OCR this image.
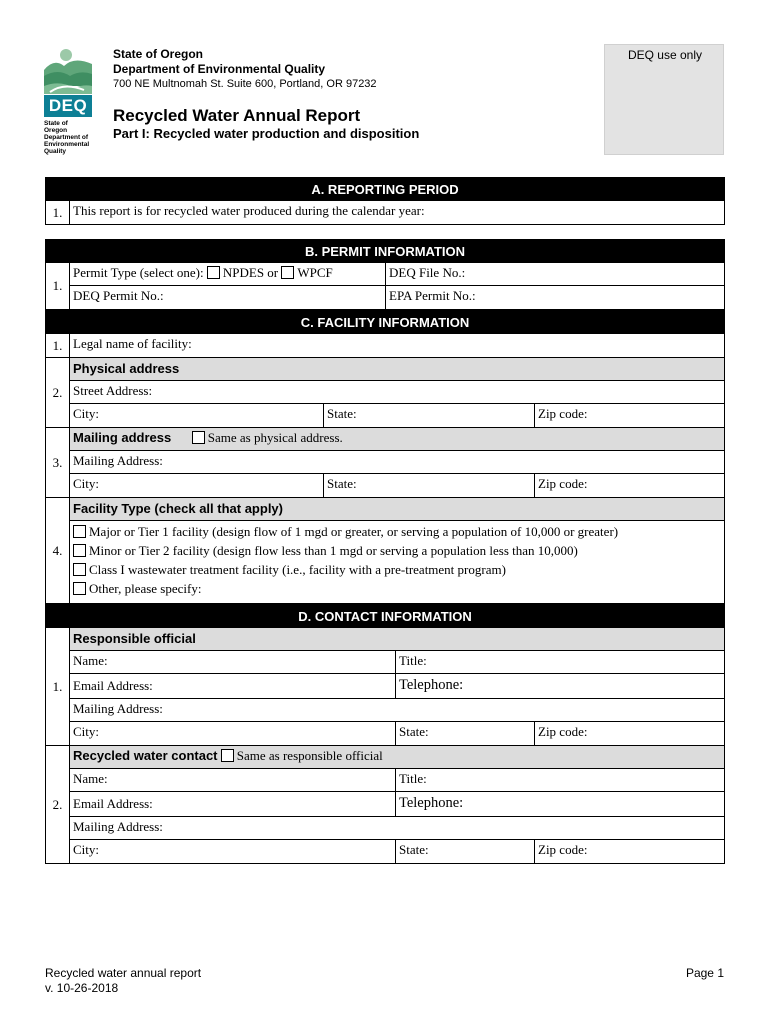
DEQ
State of Oregon
Department of
Environmental
Quality
State of Oregon
Department of Environmental Quality
700 NE Multnomah St. Suite 600, Portland, OR 97232
Recycled Water Annual Report
Part I: Recycled water production and disposition
DEQ use only
A. REPORTING PERIOD
1. This report is for recycled water produced during the calendar year:
B. PERMIT INFORMATION
1.
Permit Type (select one): NPDES or WPCF	DEQ File No.:
DEQ Permit No.:	EPA Permit No.:
C. FACILITY INFORMATION
1. Legal name of facility:
2.
Physical address
Street Address:
City:	State:	Zip code:
3.
Mailing address	Same as physical address.
Mailing Address:
City:	State:	Zip code:
4.
Facility Type (check all that apply)
Major or Tier 1 facility (design flow of 1 mgd or greater, or serving a population of 10,000 or greater)
Minor or Tier 2 facility (design flow less than 1 mgd or serving a population less than 10,000)
Class I wastewater treatment facility (i.e., facility with a pre-treatment program)
Other, please specify:
D. CONTACT INFORMATION
1.
Responsible official
Name:	Title:
Email Address:	Telephone:
Mailing Address:
City:	State:	Zip code:
2.
Recycled water contact Same as responsible official
Name:	Title:
Email Address:	Telephone:
Mailing Address:
City:	State:	Zip code:
Recycled water annual report
v. 10-26-2018
Page 1
